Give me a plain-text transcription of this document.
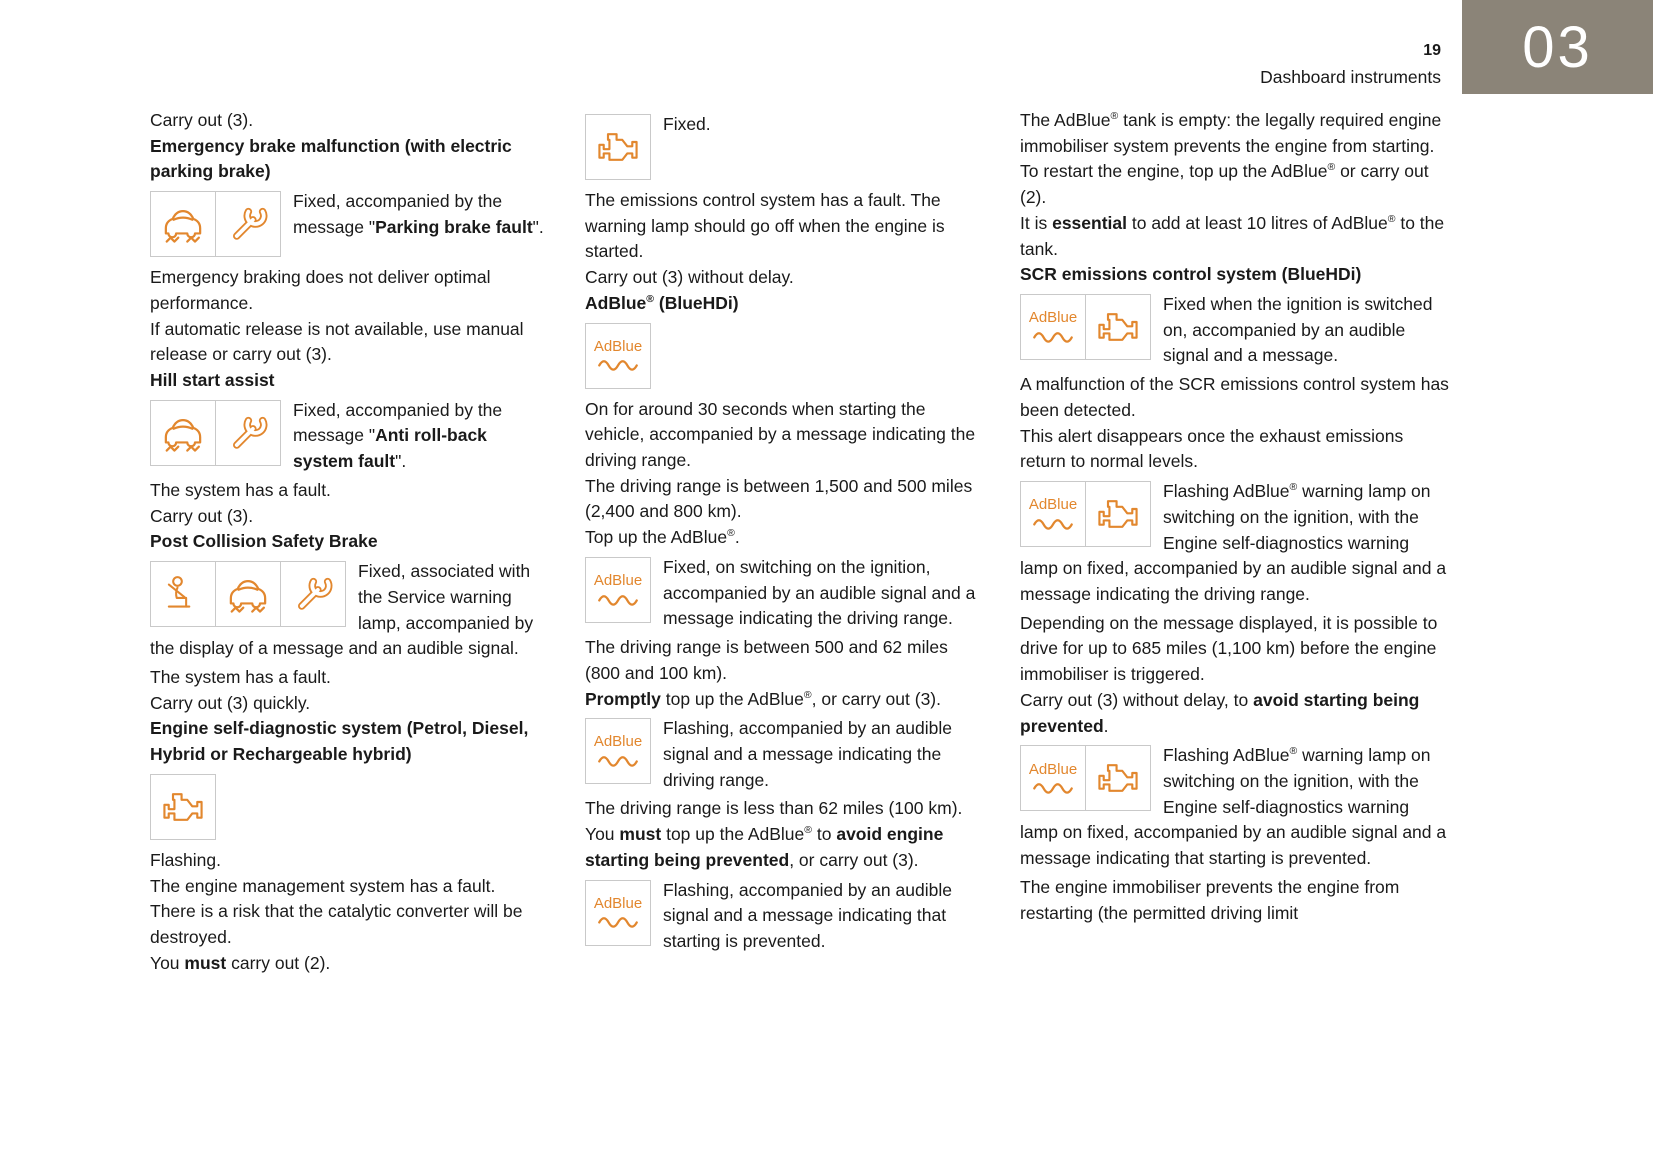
19
Dashboard instruments 03
Carry out (3).
Emergency brake malfunction (with electric parking brake)
Fixed, accompanied by the message "Parking brake fault".
Emergency braking does not deliver optimal performance.
If automatic release is not available, use manual release or carry out (3).
Hill start assist
Fixed, accompanied by the message "Anti roll-back system fault".
The system has a fault.
Carry out (3).
Post Collision Safety Brake
Fixed, associated with the Service warning lamp, accompanied by the display of a message and an audible signal.
The system has a fault.
Carry out (3) quickly.
Engine self-diagnostic system (Petrol, Diesel, Hybrid or Rechargeable hybrid)
Flashing.
The engine management system has a fault.
There is a risk that the catalytic converter will be destroyed.
You must carry out (2).
Fixed.
The emissions control system has a fault. The warning lamp should go off when the engine is started.
Carry out (3) without delay.
AdBlue® (BlueHDi)
AdBlue
On for around 30 seconds when starting the vehicle, accompanied by a message indicating the driving range.
The driving range is between 1,500 and 500 miles (2,400 and 800 km).
Top up the AdBlue®.
AdBlue
Fixed, on switching on the ignition, accompanied by an audible signal and a message indicating the driving range.
The driving range is between 500 and 62 miles (800 and 100 km).
Promptly top up the AdBlue®, or carry out (3).
AdBlue
Flashing, accompanied by an audible signal and a message indicating the driving range.
The driving range is less than 62 miles (100 km).
You must top up the AdBlue® to avoid engine starting being prevented, or carry out (3).
AdBlue
Flashing, accompanied by an audible signal and a message indicating that starting is prevented.
The AdBlue® tank is empty: the legally required engine immobiliser system prevents the engine from starting.
To restart the engine, top up the AdBlue® or carry out (2).
It is essential to add at least 10 litres of AdBlue® to the tank.
SCR emissions control system (BlueHDi)
AdBlue
Fixed when the ignition is switched on, accompanied by an audible signal and a message.
A malfunction of the SCR emissions control system has been detected.
This alert disappears once the exhaust emissions return to normal levels.
AdBlue
Flashing AdBlue® warning lamp on switching on the ignition, with the Engine self-diagnostics warning lamp on fixed, accompanied by an audible signal and a message indicating the driving range.
Depending on the message displayed, it is possible to drive for up to 685 miles (1,100 km) before the engine immobiliser is triggered.
Carry out (3) without delay, to avoid starting being prevented.
AdBlue
Flashing AdBlue® warning lamp on switching on the ignition, with the Engine self-diagnostics warning lamp on fixed, accompanied by an audible signal and a message indicating that starting is prevented.
The engine immobiliser prevents the engine from restarting (the permitted driving limit
